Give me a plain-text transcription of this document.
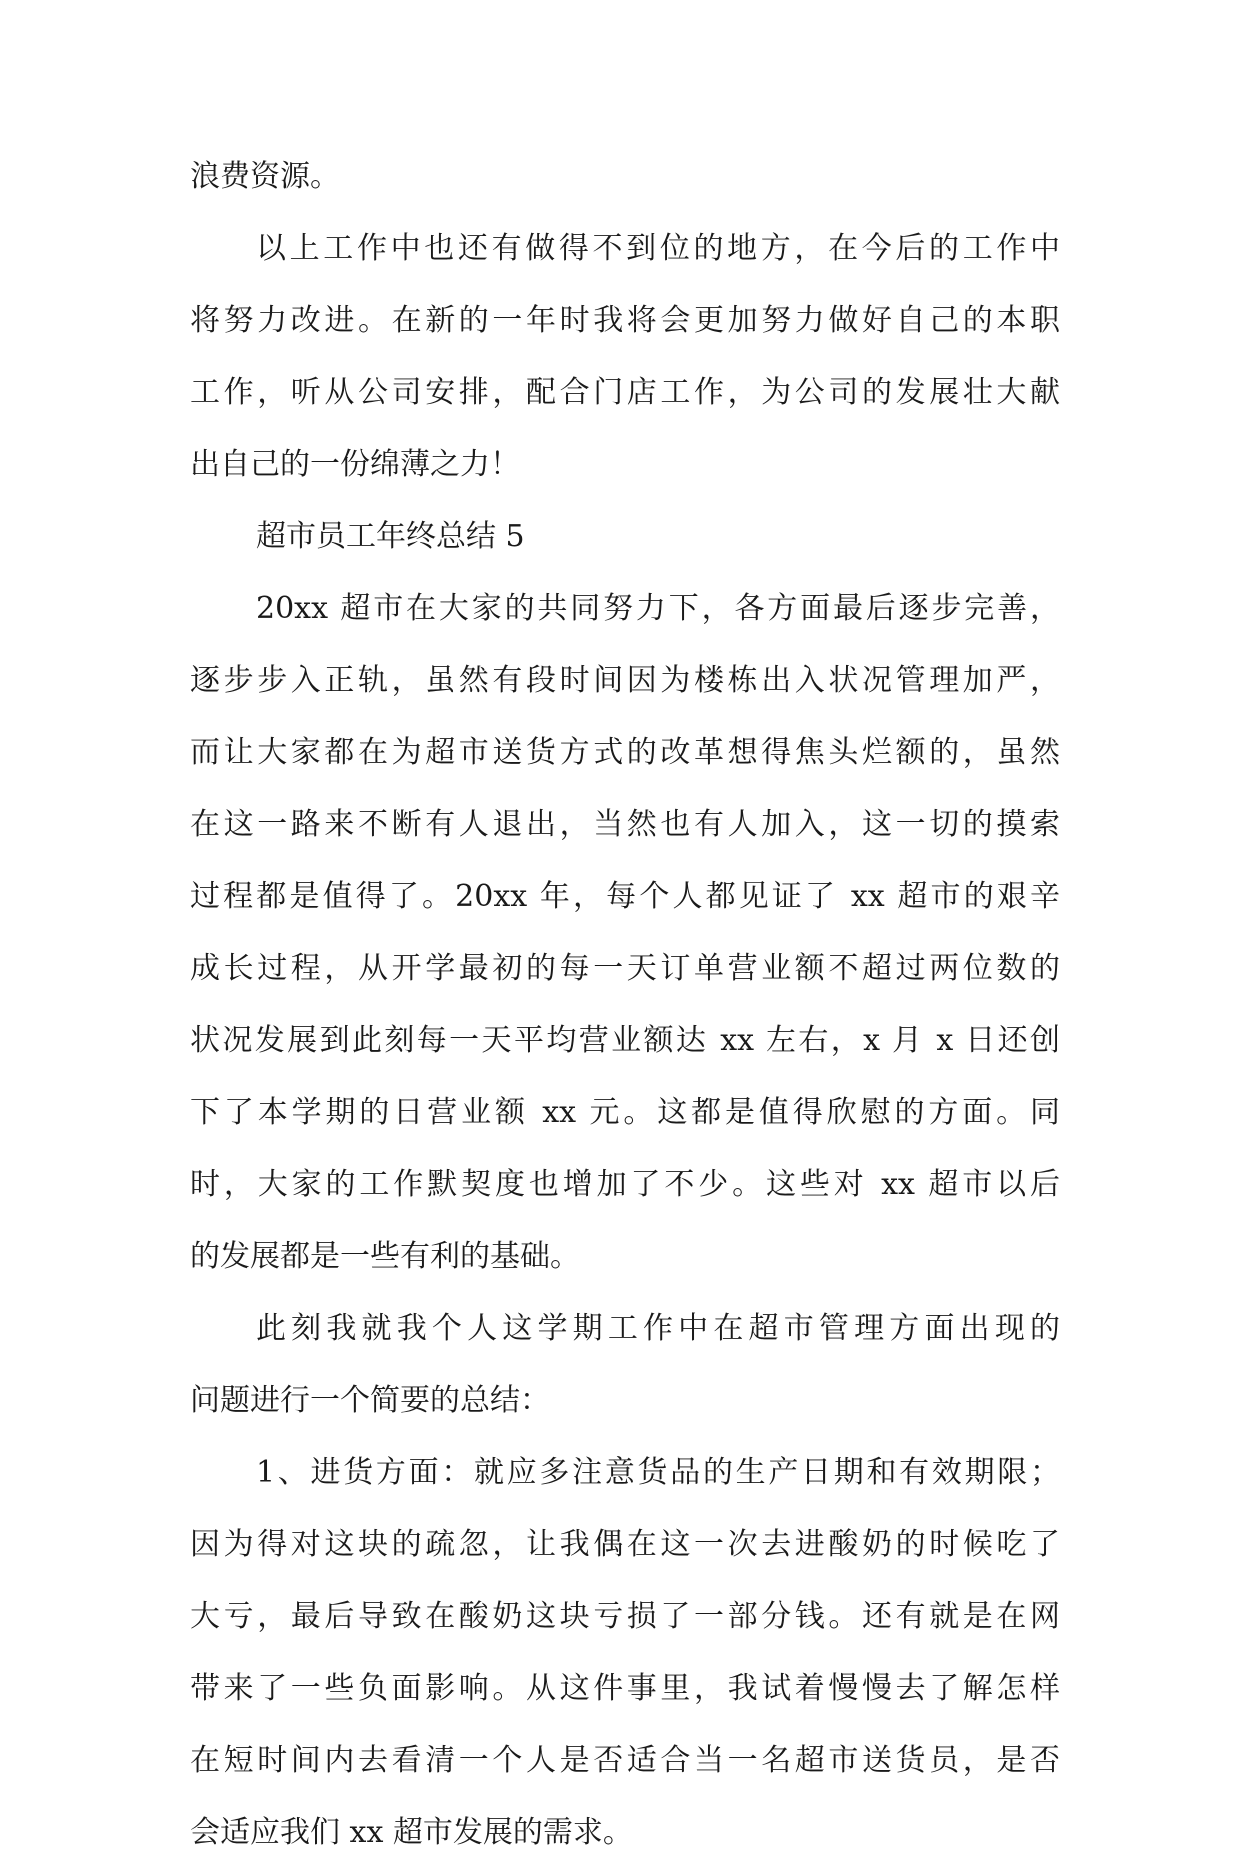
浪费资源。
以上工作中也还有做得不到位的地方，在今后的工作中
将努力改进。在新的一年时我将会更加努力做好自己的本职
工作，听从公司安排，配合门店工作，为公司的发展壮大献
出自己的一份绵薄之力！
超市员工年终总结 5
20xx 超市在大家的共同努力下，各方面最后逐步完善，
逐步步入正轨，虽然有段时间因为楼栋出入状况管理加严，
而让大家都在为超市送货方式的改革想得焦头烂额的，虽然
在这一路来不断有人退出，当然也有人加入，这一切的摸索
过程都是值得了。20xx 年，每个人都见证了 xx 超市的艰辛
成长过程，从开学最初的每一天订单营业额不超过两位数的
状况发展到此刻每一天平均营业额达 xx 左右，x 月 x 日还创
下了本学期的日营业额 xx 元。这都是值得欣慰的方面。同
时，大家的工作默契度也增加了不少。这些对 xx 超市以后
的发展都是一些有利的基础。
此刻我就我个人这学期工作中在超市管理方面出现的
问题进行一个简要的总结：
1、进货方面：就应多注意货品的生产日期和有效期限；
因为得对这块的疏忽，让我偶在这一次去进酸奶的时候吃了
大亏，最后导致在酸奶这块亏损了一部分钱。还有就是在网
带来了一些负面影响。从这件事里，我试着慢慢去了解怎样
在短时间内去看清一个人是否适合当一名超市送货员，是否
会适应我们 xx 超市发展的需求。
